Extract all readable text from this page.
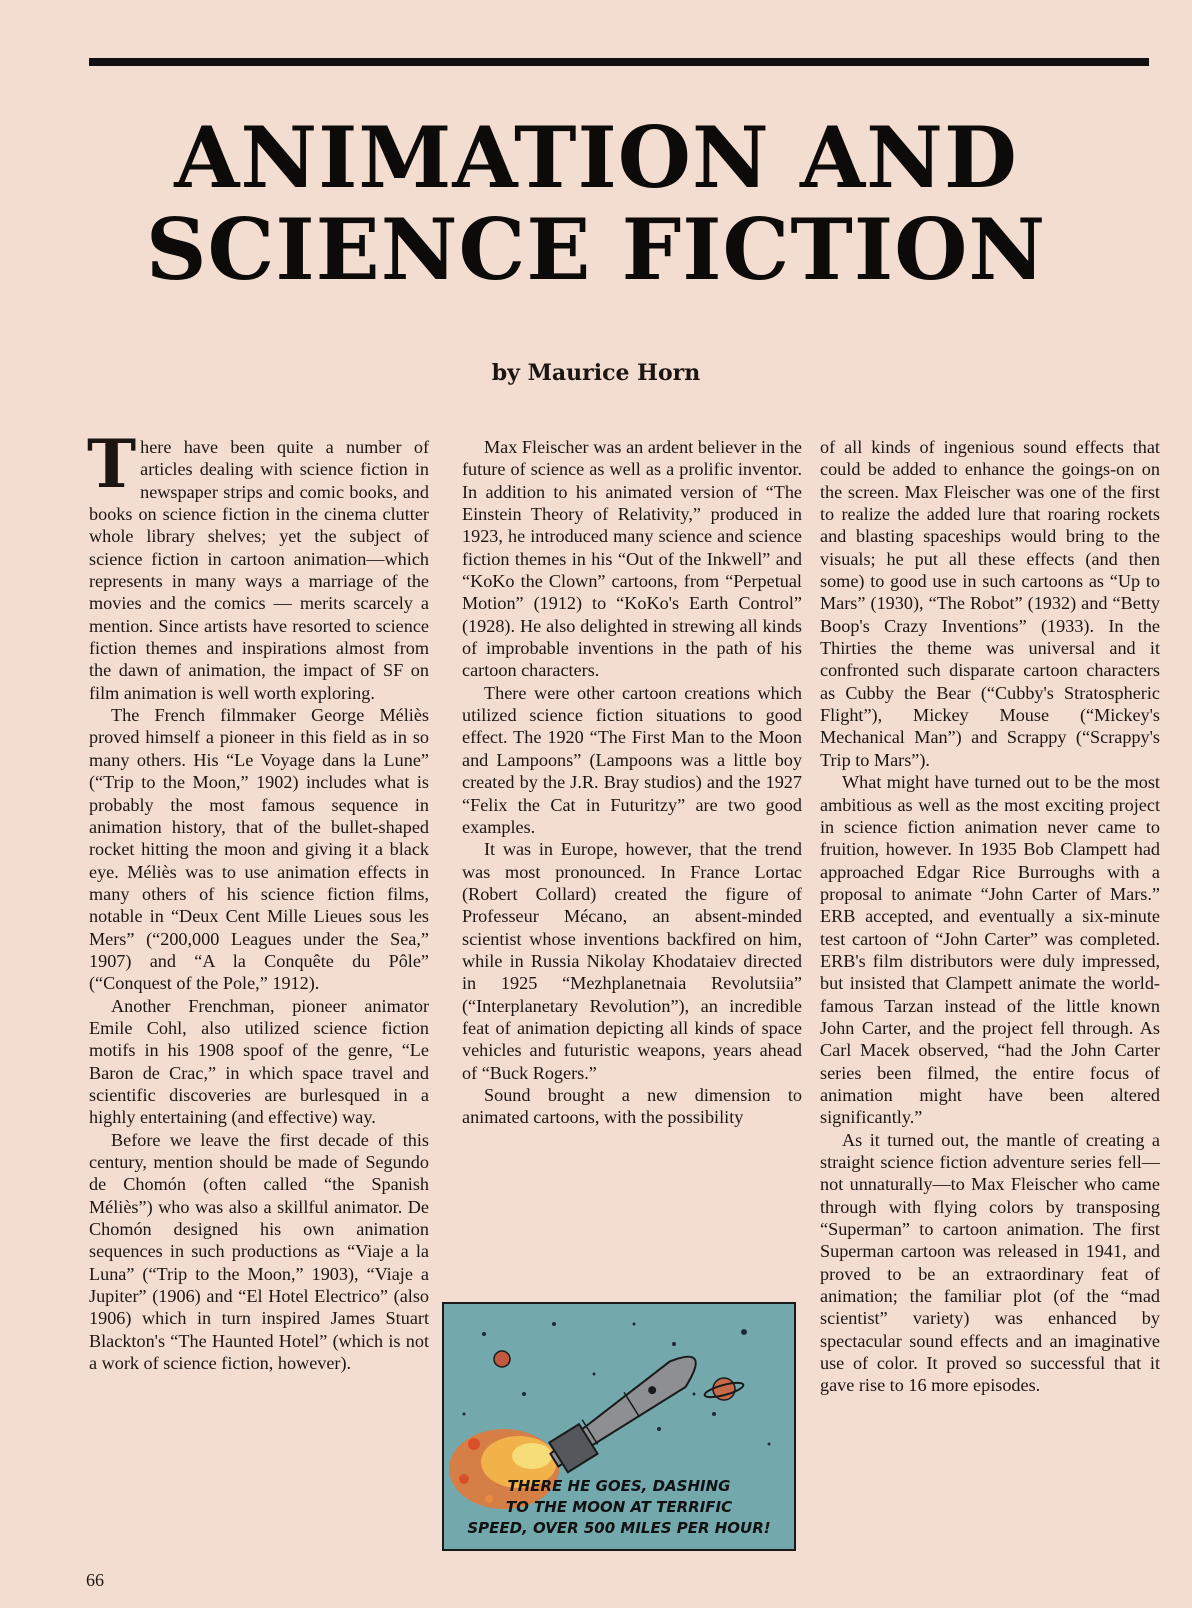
ANIMATION AND
SCIENCE FICTION
by Maurice Horn

There have been quite a number of articles dealing with science fiction in newspaper strips and comic books, and books on science fiction in the cinema clutter whole library shelves; yet the subject of science fiction in cartoon animation—which represents in many ways a marriage of the movies and the comics — merits scarcely a mention. Since artists have resorted to science fiction themes and inspirations almost from the dawn of animation, the impact of SF on film animation is well worth exploring.

The French filmmaker George Méliès proved himself a pioneer in this field as in so many others. His “Le Voyage dans la Lune” (“Trip to the Moon,” 1902) includes what is probably the most famous sequence in animation history, that of the bullet-shaped rocket hitting the moon and giving it a black eye. Méliès was to use animation effects in many others of his science fiction films, notable in “Deux Cent Mille Lieues sous les Mers” (“200,000 Leagues under the Sea,” 1907) and “A la Conquête du Pôle” (“Conquest of the Pole,” 1912).

Another Frenchman, pioneer animator Emile Cohl, also utilized science fiction motifs in his 1908 spoof of the genre, “Le Baron de Crac,” in which space travel and scientific discoveries are burlesqued in a highly entertaining (and effective) way.

Before we leave the first decade of this century, mention should be made of Segundo de Chomón (often called “the Spanish Méliès”) who was also a skillful animator. De Chomón designed his own animation sequences in such productions as “Viaje a la Luna” (“Trip to the Moon,” 1903), “Viaje a Jupiter” (1906) and “El Hotel Electrico” (also 1906) which in turn inspired James Stuart Blackton's “The Haunted Hotel” (which is not a work of science fiction, however).

Max Fleischer was an ardent believer in the future of science as well as a prolific inventor. In addition to his animated version of “The Einstein Theory of Relativity,” produced in 1923, he introduced many science and science fiction themes in his “Out of the Inkwell” and “KoKo the Clown” cartoons, from “Perpetual Motion” (1912) to “KoKo's Earth Control” (1928). He also delighted in strewing all kinds of improbable inventions in the path of his cartoon characters.

There were other cartoon creations which utilized science fiction situations to good effect. The 1920 “The First Man to the Moon and Lampoons” (Lampoons was a little boy created by the J.R. Bray studios) and the 1927 “Felix the Cat in Futuritzy” are two good examples.

It was in Europe, however, that the trend was most pronounced. In France Lortac (Robert Collard) created the figure of Professeur Mécano, an absent-minded scientist whose inventions backfired on him, while in Russia Nikolay Khodataiev directed in 1925 “Mezhplanetnaia Revolutsiia” (“Interplanetary Revolution”), an incredible feat of animation depicting all kinds of space vehicles and futuristic weapons, years ahead of “Buck Rogers.”

Sound brought a new dimension to animated cartoons, with the possibility

of all kinds of ingenious sound effects that could be added to enhance the goings-on on the screen. Max Fleischer was one of the first to realize the added lure that roaring rockets and blasting spaceships would bring to the visuals; he put all these effects (and then some) to good use in such cartoons as “Up to Mars” (1930), “The Robot” (1932) and “Betty Boop's Crazy Inventions” (1933). In the Thirties the theme was universal and it confronted such disparate cartoon characters as Cubby the Bear (“Cubby's Stratospheric Flight”), Mickey Mouse (“Mickey's Mechanical Man”) and Scrappy (“Scrappy's Trip to Mars”).

What might have turned out to be the most ambitious as well as the most exciting project in science fiction animation never came to fruition, however. In 1935 Bob Clampett had approached Edgar Rice Burroughs with a proposal to animate “John Carter of Mars.” ERB accepted, and eventually a six-minute test cartoon of “John Carter” was completed. ERB's film distributors were duly impressed, but insisted that Clampett animate the world-famous Tarzan instead of the little known John Carter, and the project fell through. As Carl Macek observed, “had the John Carter series been filmed, the entire focus of animation might have been altered significantly.”

As it turned out, the mantle of creating a straight science fiction adventure series fell—not unnaturally—to Max Fleischer who came through with flying colors by transposing “Superman” to cartoon animation. The first Superman cartoon was released in 1941, and proved to be an extraordinary feat of animation; the familiar plot (of the “mad scientist” variety) was enhanced by spectacular sound effects and an imaginative use of color. It proved so successful that it gave rise to 16 more episodes.

THERE HE GOES, DASHING
TO THE MOON AT TERRIFIC
SPEED, OVER 500 MILES PER HOUR!
66
